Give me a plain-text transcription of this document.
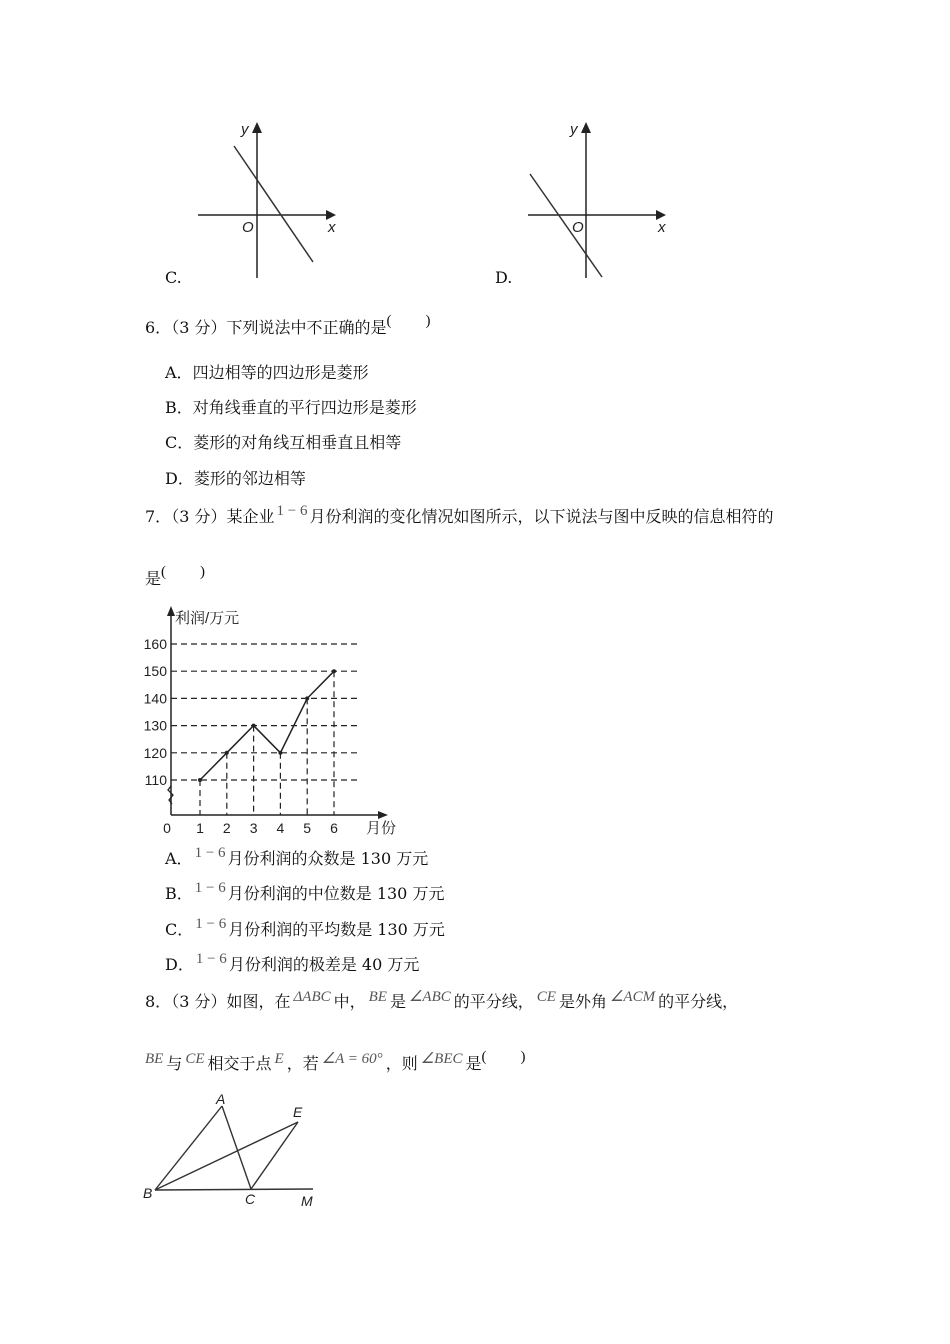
y
x
O
C.
y
x
O
D.
6．（3 分）下列说法中不正确的是( )
A．四边相等的四边形是菱形
B．对角线垂直的平行四边形是菱形
C．菱形的对角线互相垂直且相等
D．菱形的邻边相等
7．（3 分）某企业 1 − 6 月份利润的变化情况如图所示，以下说法与图中反映的信息相符的
是( )
110
120
130
140
150
160
1 2 3 4 5 6
利润/万元
月份
0
A． 1 − 6 月份利润的众数是 130 万元
B． 1 − 6 月份利润的中位数是 130 万元
C． 1 − 6 月份利润的平均数是 130 万元
D． 1 − 6 月份利润的极差是 40 万元
8．（3 分）如图，在 ΔABC 中， BE 是 ∠ABC 的平分线， CE 是外角 ∠ACM 的平分线，
BE 与 CE 相交于点 E ，若 ∠A = 60° ，则 ∠BEC 是( )
A
B	C
E
M
